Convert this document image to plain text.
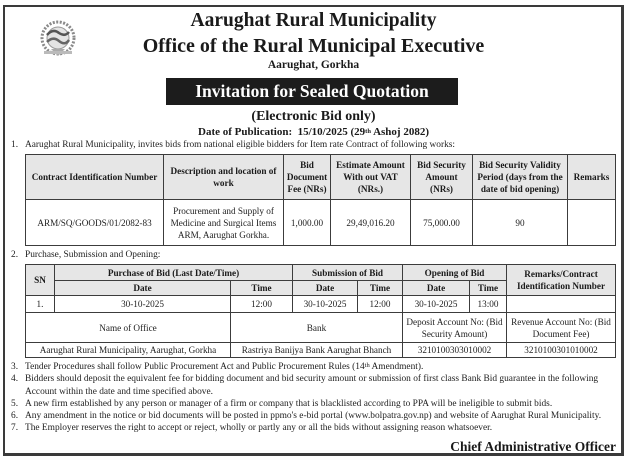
Aarughat Rural Municipality
Office of the Rural Municipal Executive
Aarughat, Gorkha
Invitation for Sealed Quotation
(Electronic Bid only)
Date of Publication: 15/10/2025 (29th Ashoj 2082)
1. Aarughat Rural Municipality, invites bids from national eligible bidders for Item rate Contract of following works:
Contract Identification Number	Description and location of work	Bid Document Fee (NRs)	Estimate Amount With out VAT (NRs.)	Bid Security Amount (NRs)	Bid Security Validity Period (days from the date of bid opening)	Remarks
ARM/SQ/GOODS/01/2082-83	Procurement and Supply of Medicine and Surgical Items ARM, Aarughat Gorkha.	1,000.00	29,49,016.20	75,000.00	90	
2. Purchase, Submission and Opening:
SN	Purchase of Bid (Last Date/Time)		Submission of Bid		Opening of Bid		Remarks/Contract Identification Number
	Date	Time	Date	Time	Date	Time	
1.	30-10-2025	12:00	30-10-2025	12:00	30-10-2025	13:00	
Name of Office		Bank			Deposit Account No: (Bid Security Amount)		Revenue Account No: (Bid Document Fee)
Aarughat Rural Municipality, Aarughat, Gorkha		Rastriya Banijya Bank Aarughat Bhanch			3210100303010002		3210100301010002
3. Tender Procedures shall follow Public Procurement Act and Public Procurement Rules (14th Amendment).
4. Bidders should deposit the equivalent fee for bidding document and bid security amount or submission of first class Bank Bid guarantee in the following Account within the date and time specified above.
5. A new firm established by any person or manager of a firm or company that is blacklisted according to PPA will be ineligible to submit bids.
6. Any amendment in the notice or bid documents will be posted in ppmo's e-bid portal (www.bolpatra.gov.np) and website of Aarughat Rural Municipality.
7. The Employer reserves the right to accept or reject, wholly or partly any or all the bids without assigning reason whatsoever.
Chief Administrative Officer
